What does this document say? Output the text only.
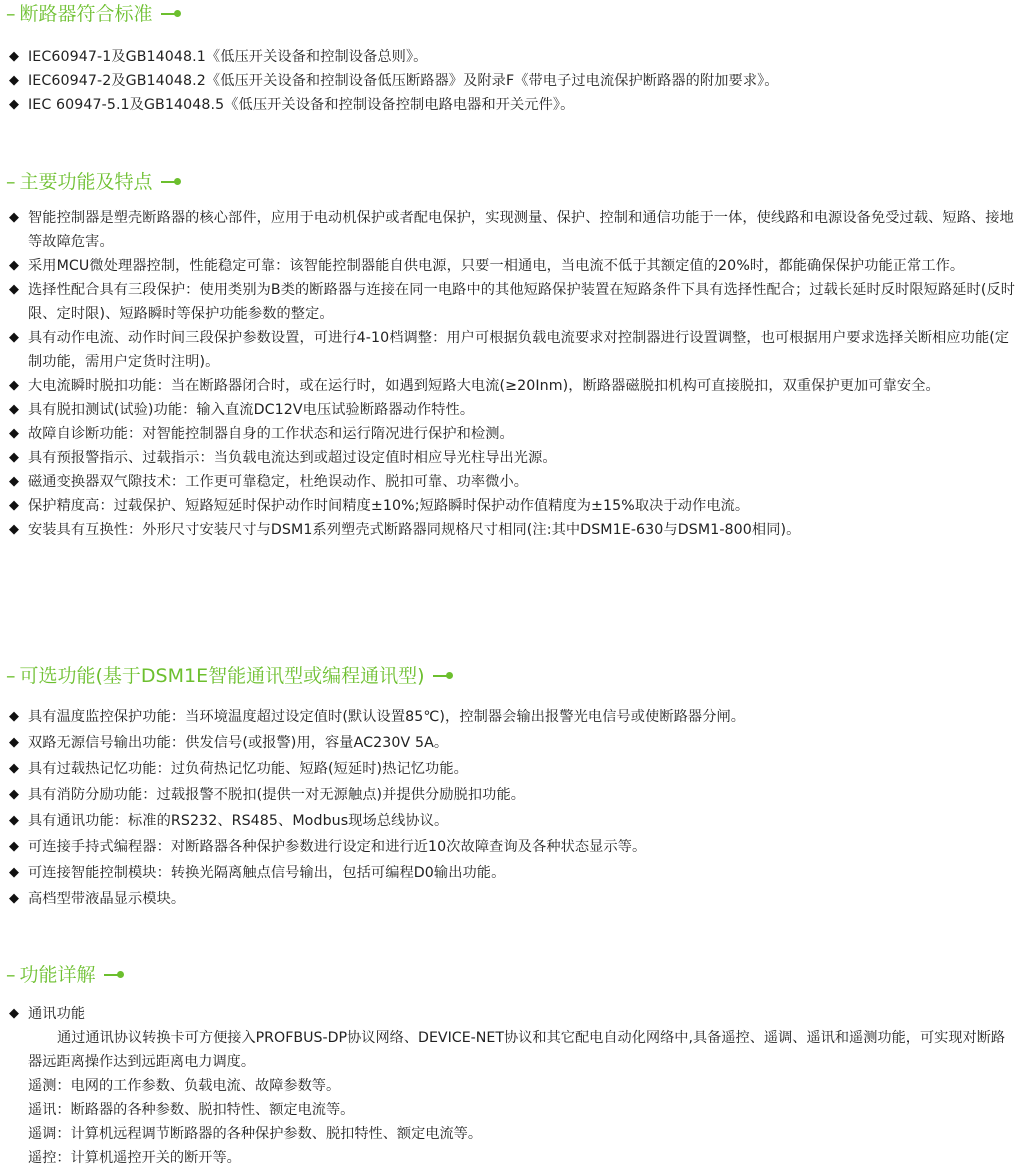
– 断路器符合标准
◆ IEC60947-1及GB14048.1《低压开关设备和控制设备总则》。
◆ IEC60947-2及GB14048.2《低压开关设备和控制设备低压断路器》及附录F《带电子过电流保护断路器的附加要求》。
◆ IEC 60947-5.1及GB14048.5《低压开关设备和控制设备控制电路电器和开关元件》。
– 主要功能及特点
◆ 智能控制器是塑壳断路器的核心部件，应用于电动机保护或者配电保护，实现测量、保护、控制和通信功能于一体，使线路和电源设备免受过载、短路、接地等故障危害。
◆ 采用MCU微处理器控制，性能稳定可靠：该智能控制器能自供电源，只要一相通电，当电流不低于其额定值的20%时，都能确保保护功能正常工作。
◆ 选择性配合具有三段保护：使用类别为B类的断路器与连接在同一电路中的其他短路保护装置在短路条件下具有选择性配合；过载长延时反时限短路延时(反时限、定时限)、短路瞬时等保护功能参数的整定。
◆ 具有动作电流、动作时间三段保护参数设置，可进行4-10档调整：用户可根据负载电流要求对控制器进行设置调整，也可根据用户要求选择关断相应功能(定制功能，需用户定货时注明)。
◆ 大电流瞬时脱扣功能：当在断路器闭合时，或在运行时，如遇到短路大电流(≥20Inm)，断路器磁脱扣机构可直接脱扣，双重保护更加可靠安全。
◆ 具有脱扣测试(试验)功能：输入直流DC12V电压试验断路器动作特性。
◆ 故障自诊断功能：对智能控制器自身的工作状态和运行隋况进行保护和检测。
◆ 具有预报警指示、过载指示：当负载电流达到或超过设定值时相应导光柱导出光源。
◆ 磁通变换器双气隙技术：工作更可靠稳定，杜绝误动作、脱扣可靠、功率微小。
◆ 保护精度高：过载保护、短路短延时保护动作时间精度±10%;短路瞬时保护动作值精度为±15%取决于动作电流。
◆ 安装具有互换性：外形尺寸安装尺寸与DSM1系列塑壳式断路器同规格尺寸相同(注:其中DSM1E-630与DSM1-800相同)。
– 可选功能(基于DSM1E智能通讯型或编程通讯型)
◆ 具有温度监控保护功能：当环境温度超过设定值时(默认设置85℃)，控制器会输出报警光电信号或使断路器分闸。
◆ 双路无源信号输出功能：供发信号(或报警)用，容量AC230V 5A。
◆ 具有过载热记忆功能：过负荷热记忆功能、短路(短延时)热记忆功能。
◆ 具有消防分励功能：过载报警不脱扣(提供一对无源触点)并提供分励脱扣功能。
◆ 具有通讯功能：标准的RS232、RS485、Modbus现场总线协议。
◆ 可连接手持式编程器：对断路器各种保护参数进行设定和进行近10次故障查询及各种状态显示等。
◆ 可连接智能控制模块：转换光隔离触点信号输出，包括可编程D0输出功能。
◆ 高档型带液晶显示模块。
– 功能详解
◆ 通讯功能
通过通讯协议转换卡可方便接入PROFBUS-DP协议网络、DEVICE-NET协议和其它配电自动化网络中,具备遥控、遥调、遥讯和遥测功能，可实现对断路器远距离操作达到远距离电力调度。
遥测：电网的工作参数、负载电流、故障参数等。
遥讯：断路器的各种参数、脱扣特性、额定电流等。
遥调：计算机远程调节断路器的各种保护参数、脱扣特性、额定电流等。
遥控：计算机遥控开关的断开等。
